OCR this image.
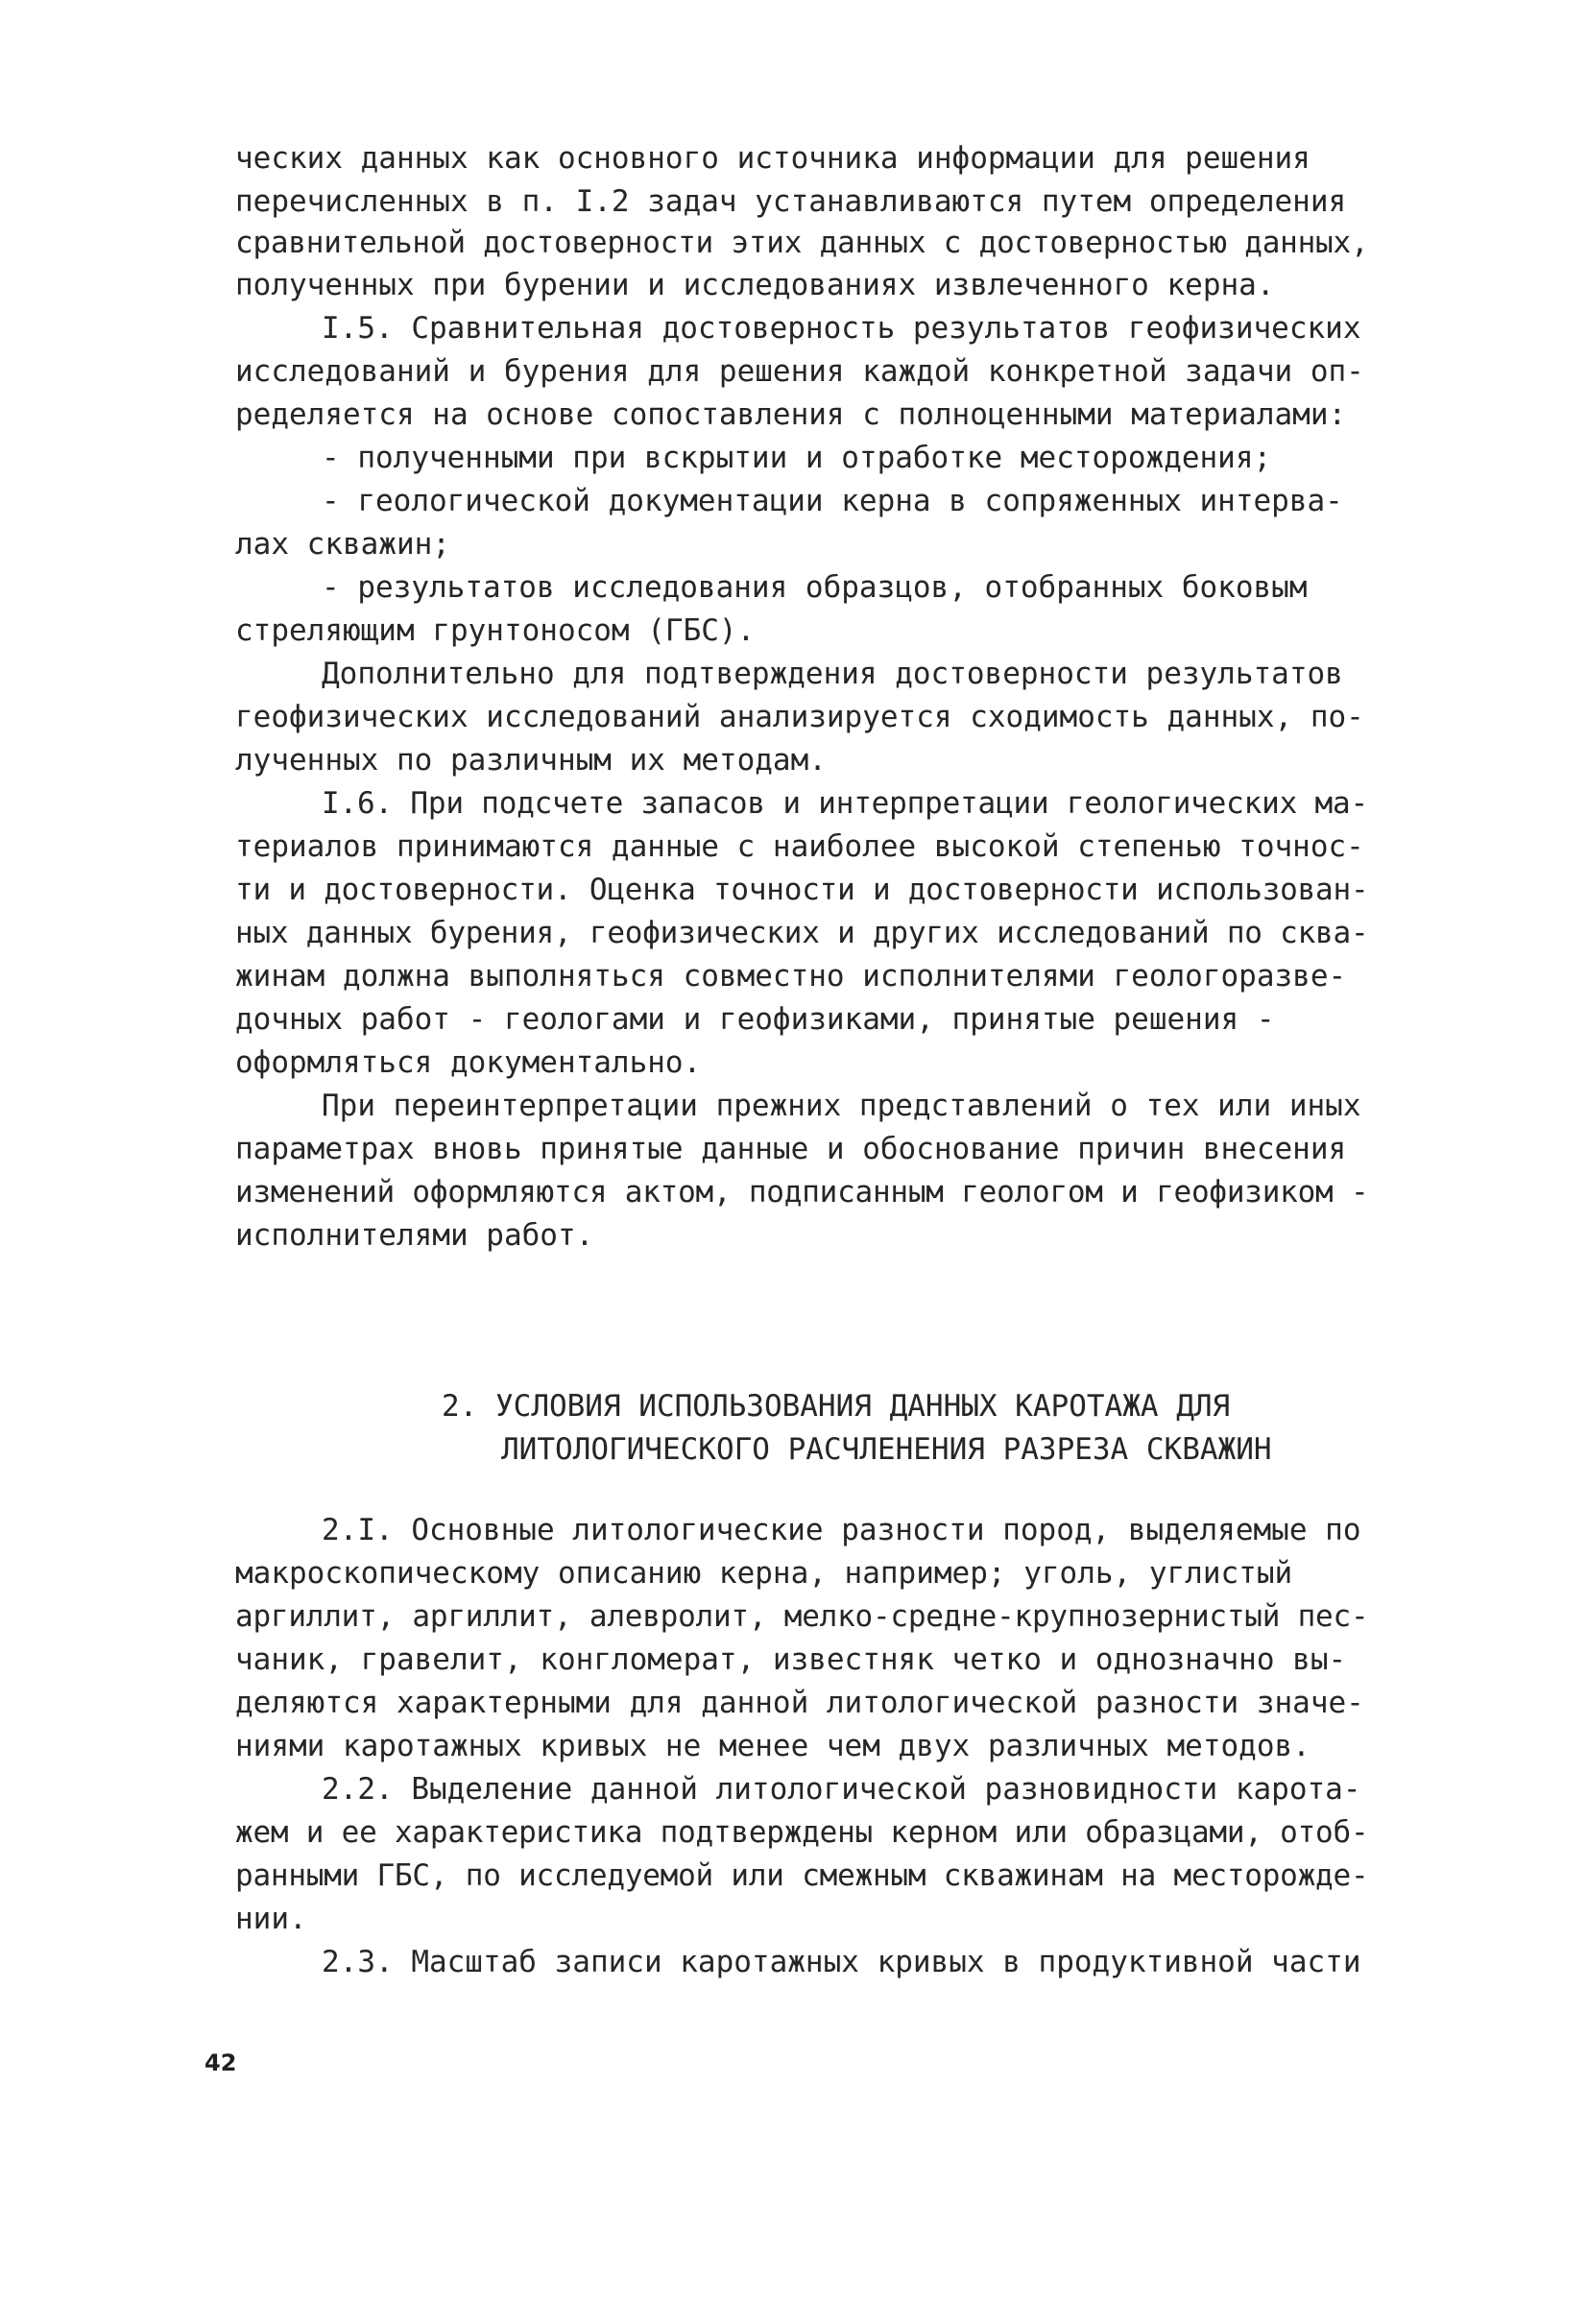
ческих данных как основного источника информации для решения

перечисленных в п. I.2 задач устанавливаются путем определения

сравнительной достоверности этих данных с достоверностью данных,

полученных при бурении и исследованиях извлеченного керна.

I.5. Сравнительная достоверность результатов геофизических

исследований и бурения для решения каждой конкретной задачи оп-

ределяется на основе сопоставления с полноценными материалами:

- полученными при вскрытии и отработке месторождения;

- геологической документации керна в сопряженных интерва-

лах скважин;

- результатов исследования образцов, отобранных боковым

стреляющим грунтоносом (ГБС).

Дополнительно для подтверждения достоверности результатов

геофизических исследований анализируется сходимость данных, по-

лученных по различным их методам.

I.6. При подсчете запасов и интерпретации геологических ма-

териалов принимаются данные с наиболее высокой степенью точнос-

ти и достоверности. Оценка точности и достоверности использован-

ных данных бурения, геофизических и других исследований по сква-

жинам должна выполняться совместно исполнителями геологоразве-

дочных работ - геологами и геофизиками, принятые решения -

оформляться документально.

При переинтерпретации прежних представлений о тех или иных

параметрах вновь принятые данные и обоснование причин внесения

изменений оформляются актом, подписанным геологом и геофизиком -

исполнителями работ.

2. УСЛОВИЯ ИСПОЛЬЗОВАНИЯ ДАННЫХ КАРОТАЖА ДЛЯ

ЛИТОЛОГИЧЕСКОГО РАСЧЛЕНЕНИЯ РАЗРЕЗА СКВАЖИН

2.I. Основные литологические разности пород, выделяемые по

макроскопическому описанию керна, например; уголь, углистый

аргиллит, аргиллит, алевролит, мелко-средне-крупнозернистый пес-

чаник, гравелит, конгломерат, известняк четко и однозначно вы-

деляются характерными для данной литологической разности значе-

ниями каротажных кривых не менее чем двух различных методов.

2.2. Выделение данной литологической разновидности карота-

жем и ее характеристика подтверждены керном или образцами, отоб-

ранными ГБС, по исследуемой или смежным скважинам на месторожде-

нии.

2.3. Масштаб записи каротажных кривых в продуктивной части

42
